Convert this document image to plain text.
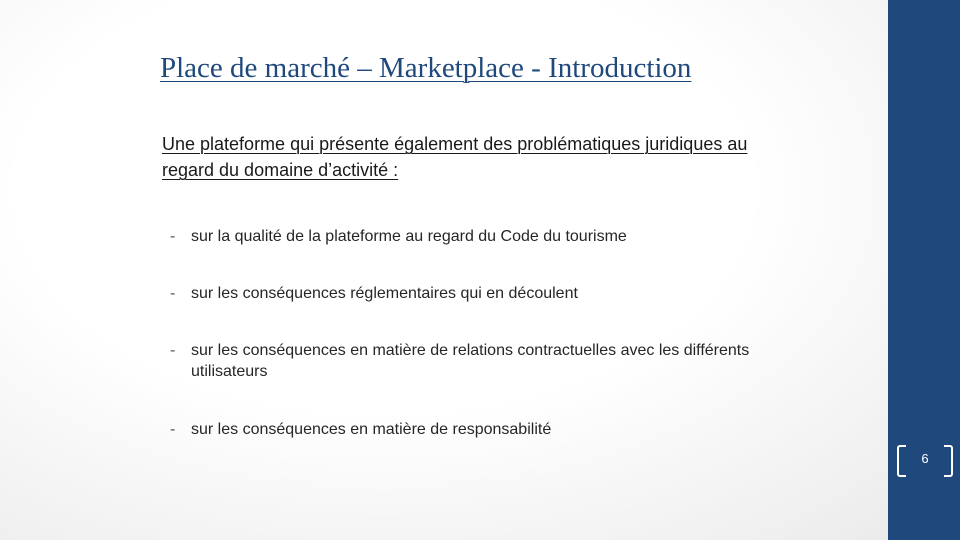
Place de marché – Marketplace - Introduction

Une plateforme qui présente également des problématiques juridiques au regard du domaine d’activité :

- sur la qualité de la plateforme au regard du Code du tourisme
- sur les conséquences réglementaires qui en découlent
- sur les conséquences en matière de relations contractuelles avec les différents utilisateurs
- sur les conséquences en matière de responsabilité
6
